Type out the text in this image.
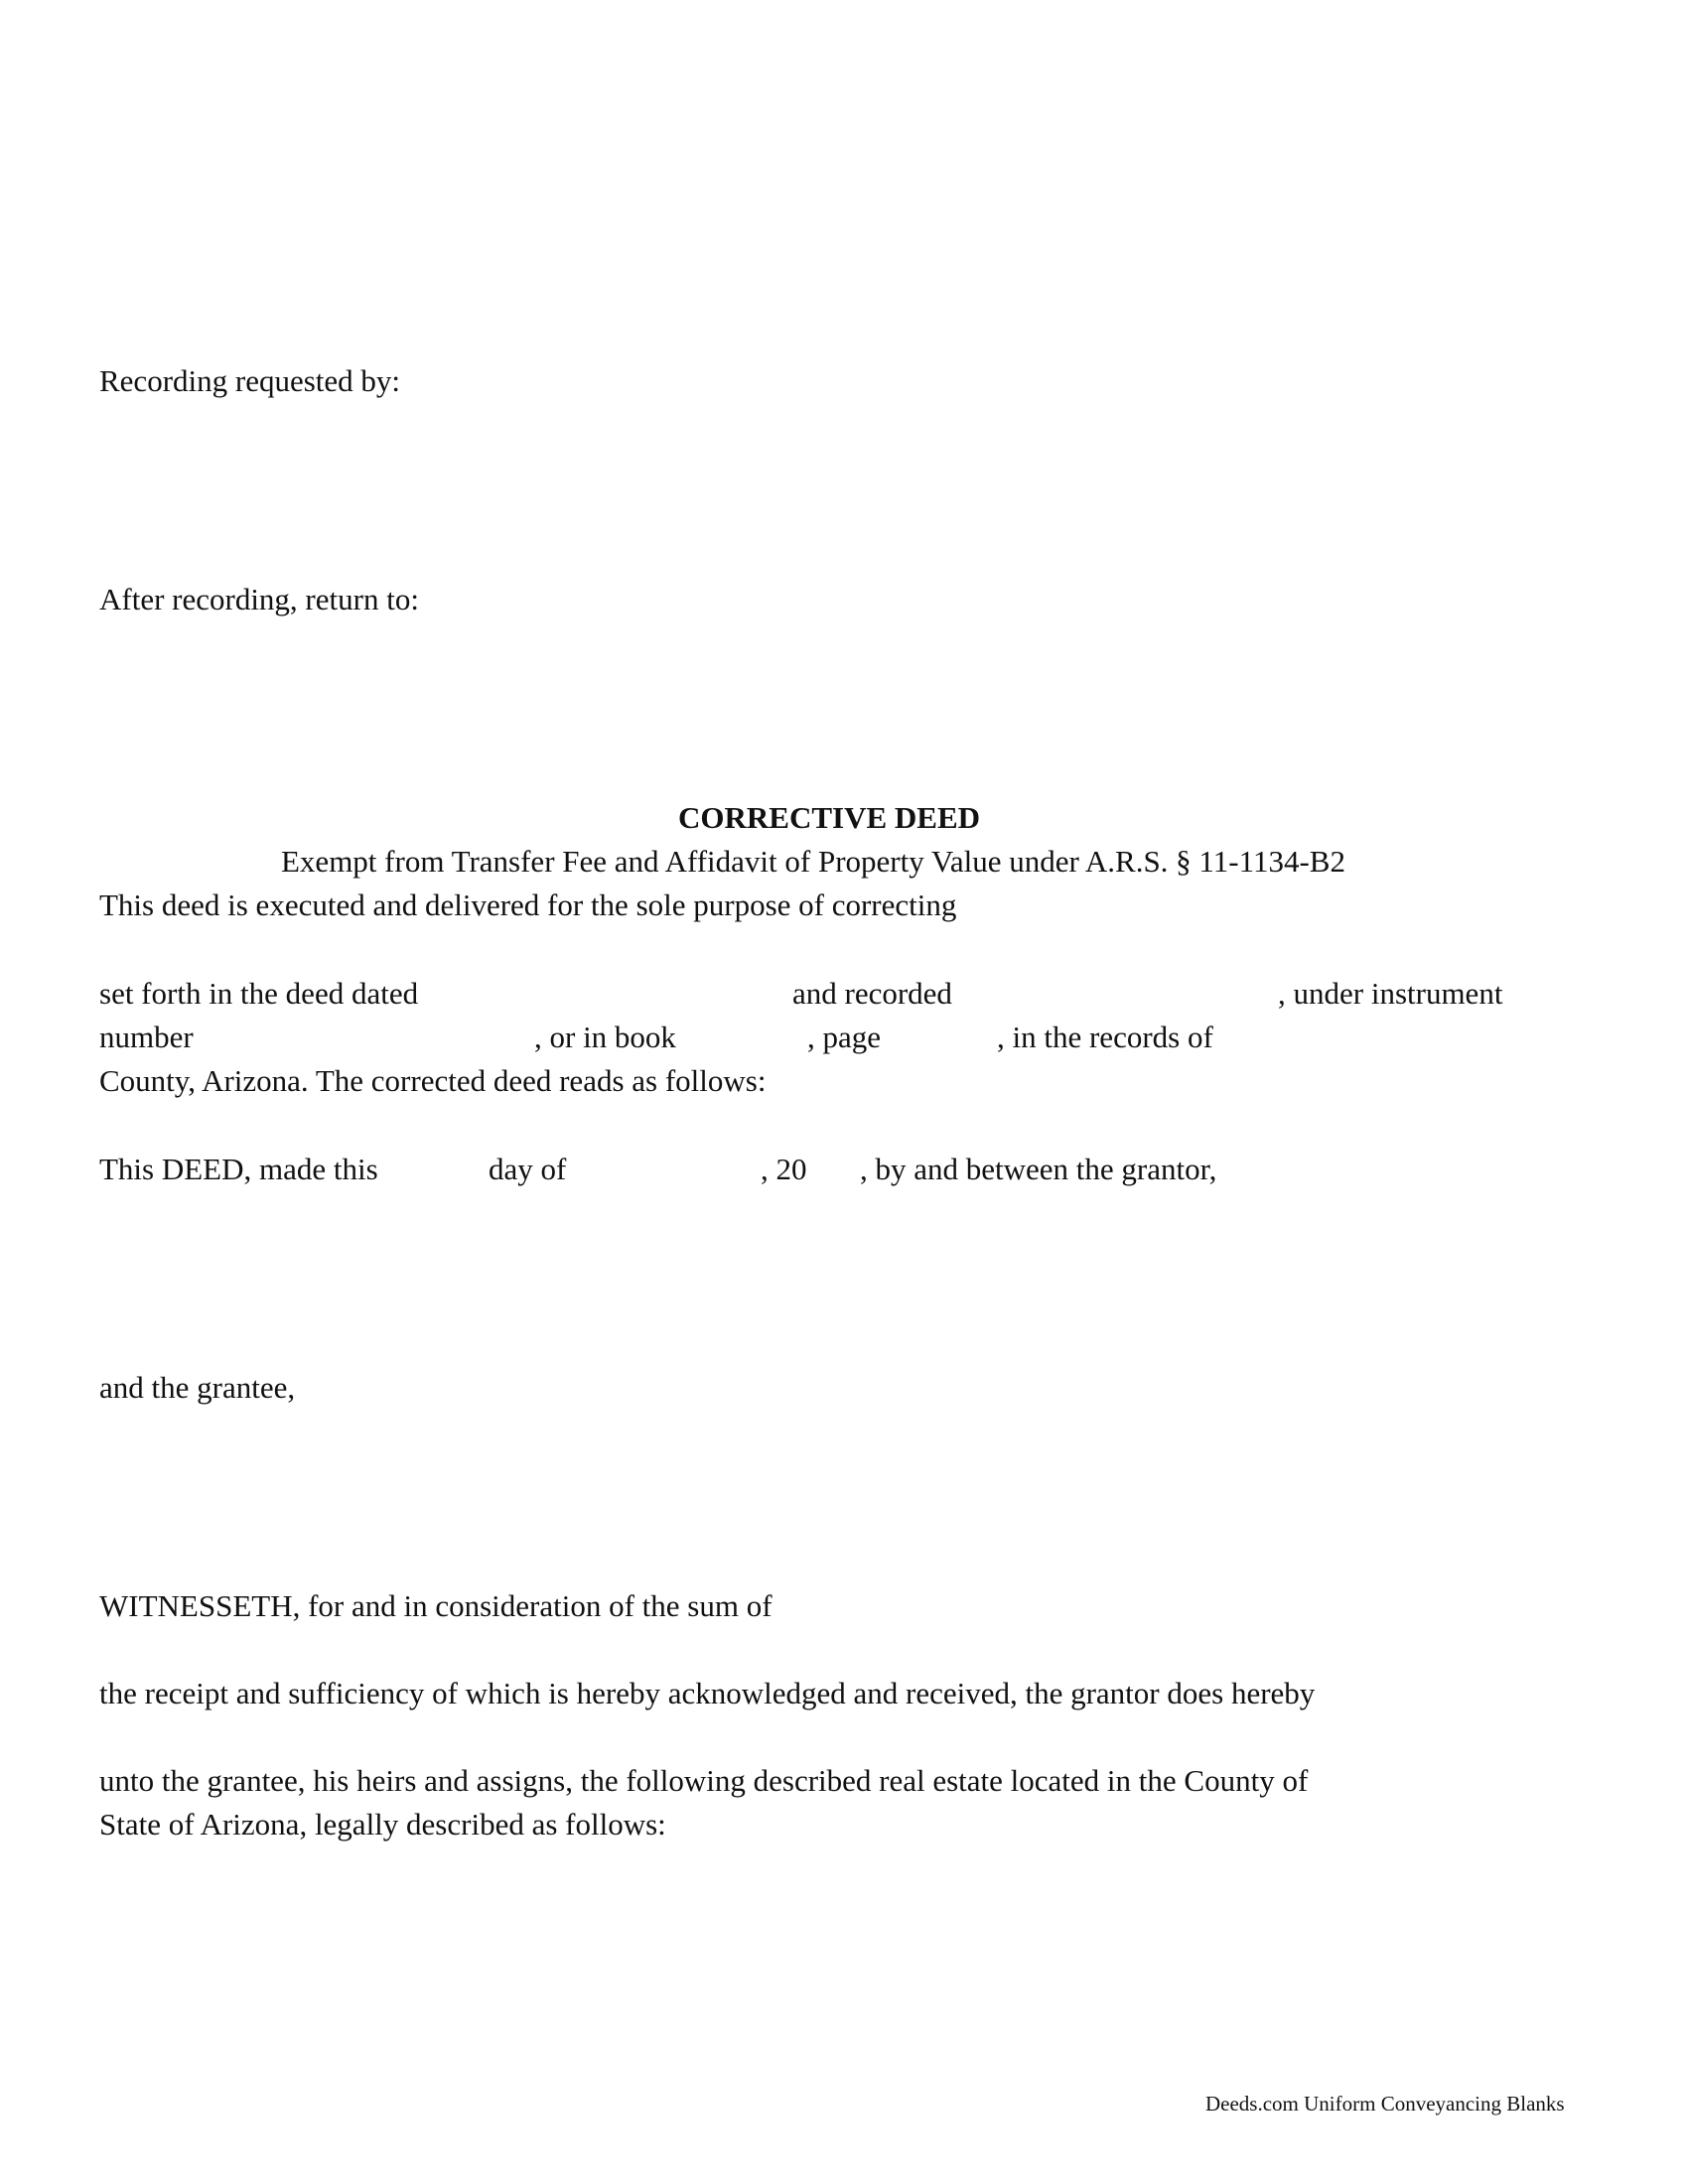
Recording requested by:
After recording, return to:
CORRECTIVE DEED
Exempt from Transfer Fee and Affidavit of Property Value under A.R.S. § 11-1134-B2
This deed is executed and delivered for the sole purpose of correcting
set forth in the deed dated	and recorded	, under instrument
number	, or in book	, page	, in the records of
County, Arizona. The corrected deed reads as follows:
This DEED, made this	day of	, 20 , by and between the grantor,
and the grantee,
WITNESSETH, for and in consideration of the sum of
the receipt and sufficiency of which is hereby acknowledged and received, the grantor does hereby
unto the grantee, his heirs and assigns, the following described real estate located in the County of
State of Arizona, legally described as follows:
Deeds.com Uniform Conveyancing Blanks
